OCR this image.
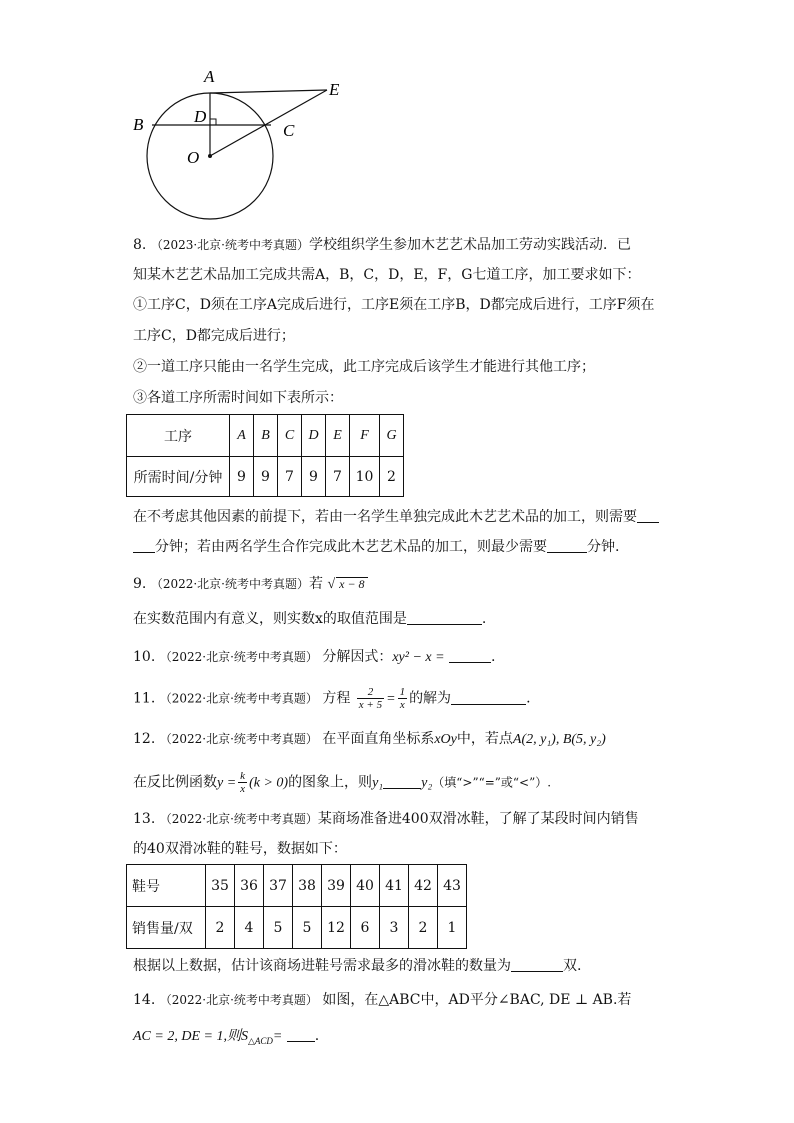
A
B	D
C
E
O
8. （2023·北京·统考中考真题）学校组织学生参加木艺艺术品加工劳动实践活动．已
知某木艺艺术品加工完成共需A，B，C，D，E，F，G七道工序，加工要求如下：
①工序C，D须在工序A完成后进行，工序E须在工序B，D都完成后进行，工序F须在
工序C，D都完成后进行；
②一道工序只能由一名学生完成，此工序完成后该学生才能进行其他工序；
③各道工序所需时间如下表所示：
工序	A	B	C	D	E	F	G
所需时间/分钟	9	9	7	9	7	10	2
在不考虑其他因素的前提下，若由一名学生单独完成此木艺艺术品的加工，则需要
分钟；若由两名学生合作完成此木艺艺术品的加工，则最少需要	分钟.
9. （2022·北京·统考中考真题）若 √ x − 8
在实数范围内有意义，则实数x的取值范围是	.
10. （2022·北京·统考中考真题） 分解因式：xy² − x =	.
11. （2022·北京·统考中考真题） 方程 $\frac{2}{x + 5} = \frac{1}{x}$ 的解为	.
12. （2022·北京·统考中考真题） 在平面直角坐标系xOy中，若点A(2, y₁), B(5, y₂)
在反比例函数$y = \frac{k}{x} (k > 0)$的图象上，则y₁	y₂（填“>”“=”或“<”）.
13. （2022·北京·统考中考真题）某商场准备进400双滑冰鞋，了解了某段时间内销售
的40双滑冰鞋的鞋号，数据如下：
鞋号	35	36	37	38	39	40	41	42	43
销售量/双	2	4	5	5	12	6	3	2	1
根据以上数据，估计该商场进鞋号需求最多的滑冰鞋的数量为	双.
14. （2022·北京·统考中考真题） 如图，在△ABC中，AD平分∠BAC, DE ⊥ AB.若
AC = 2, DE = 1,则$S_{\triangle ACD}=$ .
